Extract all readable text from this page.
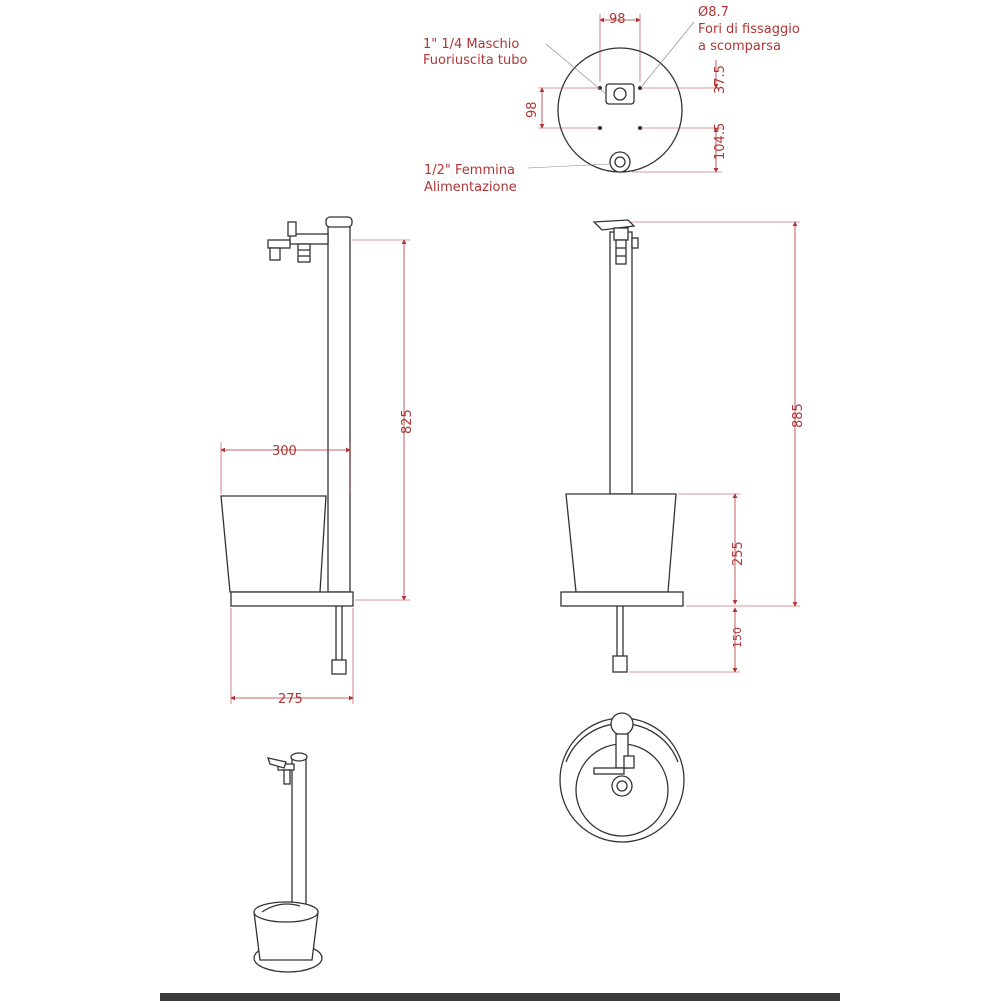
98
98
37.5
104.5
1" 1/4 Maschio
Fuoriuscita tubo
Ø8.7
Fori di fissaggio
a scomparsa
1/2" Femmina
Alimentazione
825
300
275
885
255
150
